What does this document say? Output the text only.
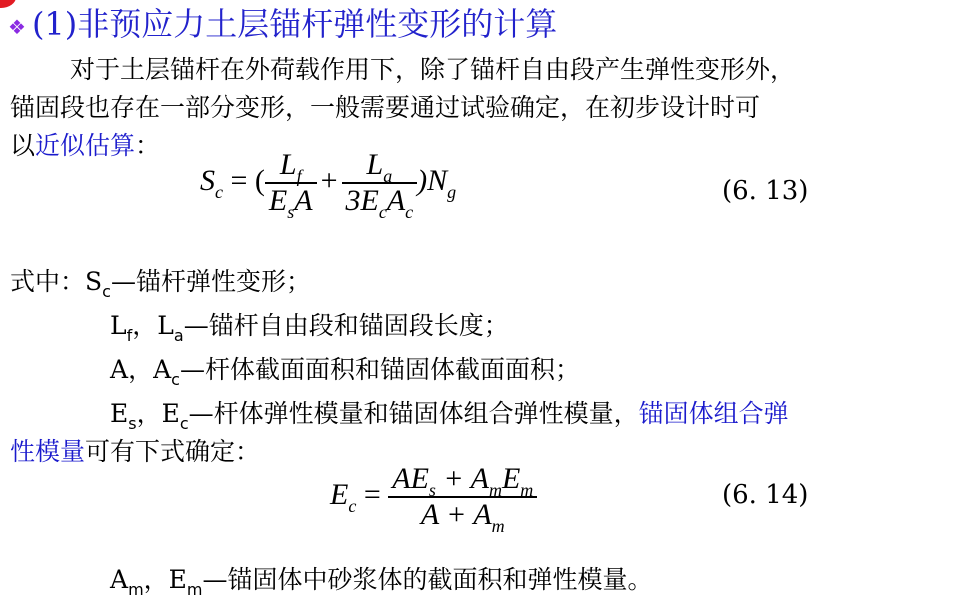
❖ (1)非预应力土层锚杆弹性变形的计算
对于土层锚杆在外荷载作用下，除了锚杆自由段产生弹性变形外，
锚固段也存在一部分变形，一般需要通过试验确定，在初步设计时可
以近似估算：
$S_c$ = ( $\frac{L_f}{E_sA} + \frac{L_a}{3E_cA_c} )N_g$	(6. 13)
式中：$S_c—$锚杆弹性变形；
$L_f$，$L_a—$锚杆自由段和锚固段长度；
A，$A_c—$杆体截面面积和锚固体截面面积；
$E_s$，$E_c—$杆体弹性模量和锚固体组合弹性模量，锚固体组合弹
性模量可有下式确定：
$E_c = \frac{AE_s + A_mE_m}{A + A_m}$	(6. 14)
$A_m$，$E_m—$锚固体中砂浆体的截面积和弹性模量。
